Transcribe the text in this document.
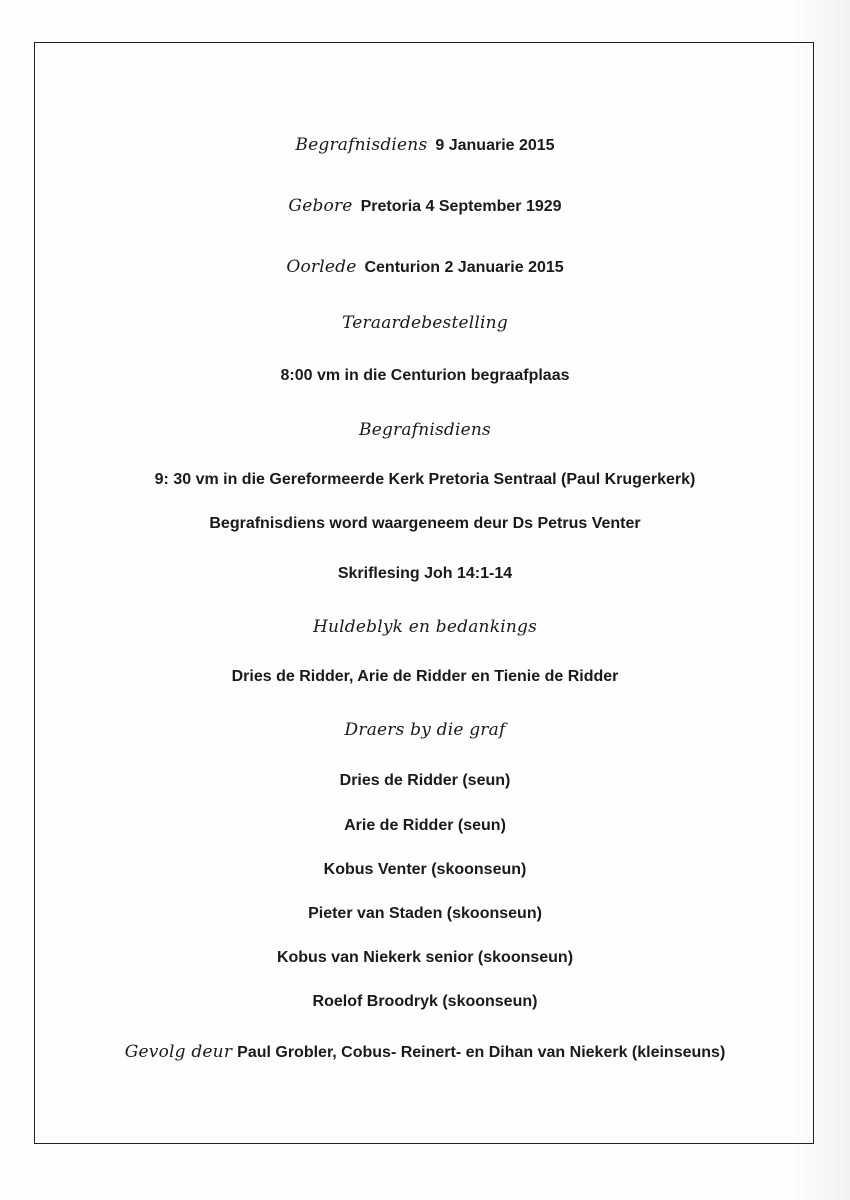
Begrafnisdiens 9 Januarie 2015
Gebore Pretoria 4 September 1929
Oorlede Centurion 2 Januarie 2015
Teraardebestelling
8:00 vm in die Centurion begraafplaas
Begrafnisdiens
9: 30 vm in die Gereformeerde Kerk Pretoria Sentraal (Paul Krugerkerk)
Begrafnisdiens word waargeneem deur Ds Petrus Venter
Skriflesing Joh 14:1-14
Huldeblyk en bedankings
Dries de Ridder, Arie de Ridder en Tienie de Ridder
Draers by die graf
Dries de Ridder (seun)
Arie de Ridder (seun)
Kobus Venter (skoonseun)
Pieter van Staden (skoonseun)
Kobus van Niekerk senior (skoonseun)
Roelof Broodryk (skoonseun)
Gevolg deur Paul Grobler, Cobus- Reinert- en Dihan van Niekerk (kleinseuns)
